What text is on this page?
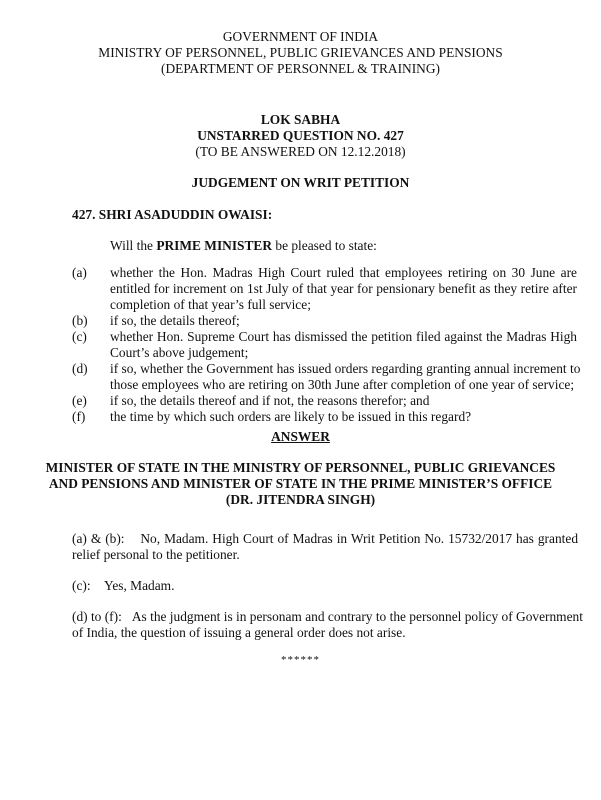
GOVERNMENT OF INDIA
MINISTRY OF PERSONNEL, PUBLIC GRIEVANCES AND PENSIONS
(DEPARTMENT OF PERSONNEL & TRAINING)
LOK SABHA
UNSTARRED QUESTION NO. 427
(TO BE ANSWERED ON 12.12.2018)
JUDGEMENT ON WRIT PETITION
427. SHRI ASADUDDIN OWAISI:
Will the PRIME MINISTER be pleased to state:
(a) whether the Hon. Madras High Court ruled that employees retiring on 30 June are
entitled for increment on 1st July of that year for pensionary benefit as they retire after
completion of that year’s full service;
(b) if so, the details thereof;
(c) whether Hon. Supreme Court has dismissed the petition filed against the Madras High
Court’s above judgement;
(d) if so, whether the Government has issued orders regarding granting annual increment to
those employees who are retiring on 30th June after completion of one year of service;
(e) if so, the details thereof and if not, the reasons therefor; and
(f) the time by which such orders are likely to be issued in this regard?
ANSWER
MINISTER OF STATE IN THE MINISTRY OF PERSONNEL, PUBLIC GRIEVANCES
AND PENSIONS AND MINISTER OF STATE IN THE PRIME MINISTER’S OFFICE
(DR. JITENDRA SINGH)
(a) & (b): No, Madam. High Court of Madras in Writ Petition No. 15732/2017 has granted
relief personal to the petitioner.
(c): Yes, Madam.
(d) to (f): As the judgment is in personam and contrary to the personnel policy of Government
of India, the question of issuing a general order does not arise.
******
